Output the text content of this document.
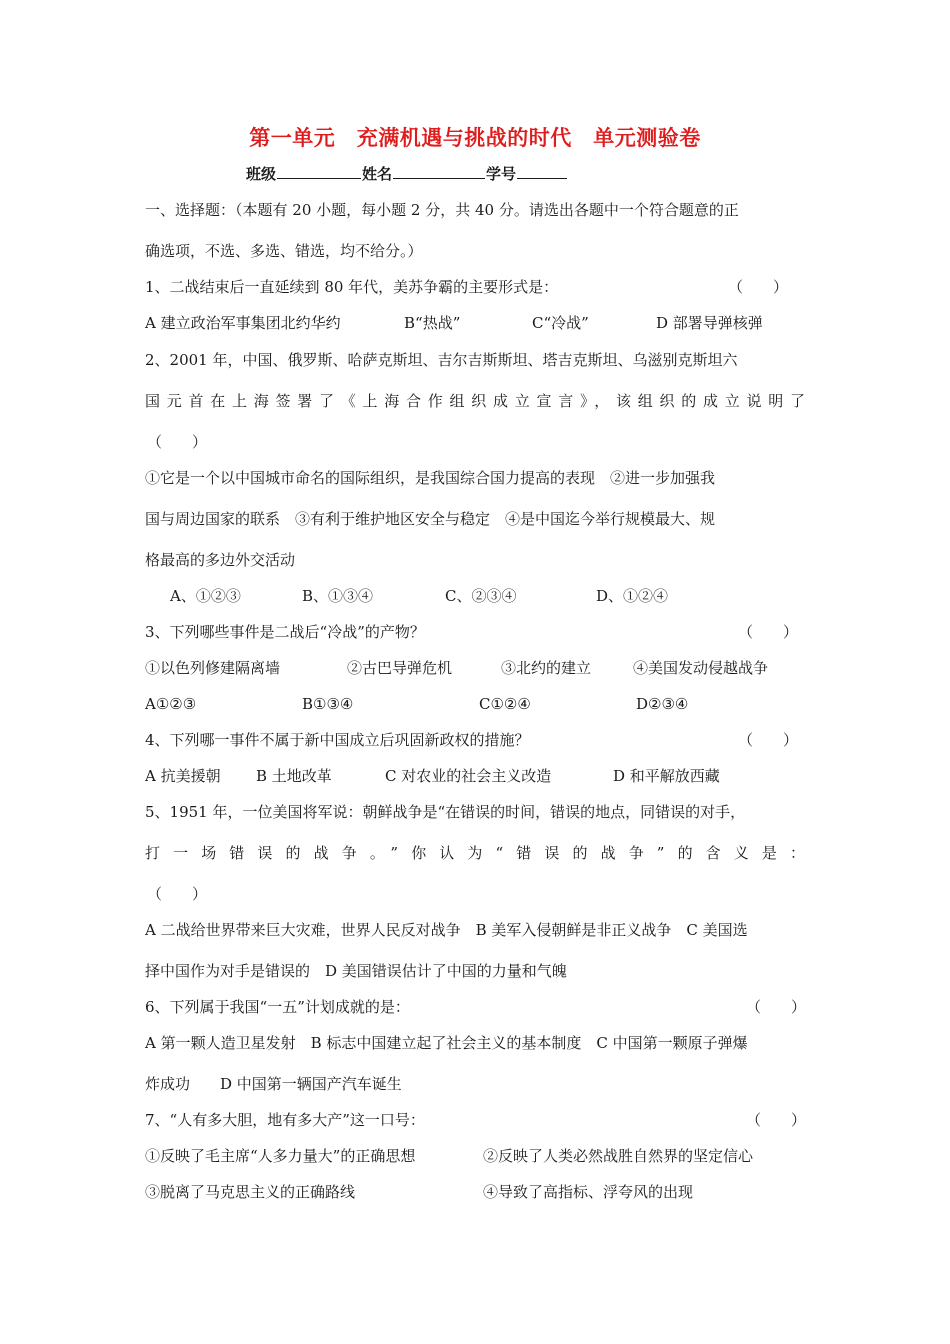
第一单元　充满机遇与挑战的时代　单元测验卷
班级	姓名	学号
一、选择题：（本题有 20 小题，每小题 2 分，共 40 分。请选出各题中一个符合题意的正
确选项，不选、多选、错选，均不给分。）
1、二战结束后一直延续到 80 年代，美苏争霸的主要形式是：	（　　）
A 建立政治军事集团北约华约	B“热战”	C“冷战”	D 部署导弹核弹
2、2001 年，中国、俄罗斯、哈萨克斯坦、吉尔吉斯斯坦、塔吉克斯坦、乌滋别克斯坦六
国元首在上海签署了《上海合作组织成立宣言》，该组织的成立说明了
（　　）
①它是一个以中国城市命名的国际组织，是我国综合国力提高的表现　②进一步加强我
国与周边国家的联系　③有利于维护地区安全与稳定　④是中国迄今举行规模最大、规
格最高的多边外交活动
A、①②③	B、①③④	C、②③④	D、①②④
3、下列哪些事件是二战后“冷战”的产物？	（　　）
①以色列修建隔离墙	②古巴导弹危机	③北约的建立	④美国发动侵越战争
A①②③	B①③④	C①②④	D②③④
4、下列哪一事件不属于新中国成立后巩固新政权的措施？	（　　）
A 抗美援朝 B 土地改革	C 对农业的社会主义改造	D 和平解放西藏
5、1951 年，一位美国将军说：朝鲜战争是“在错误的时间，错误的地点，同错误的对手，
打一场错误的战争。”你认为“错误的战争”的含义是：
（　　）
A 二战给世界带来巨大灾难，世界人民反对战争　B 美军入侵朝鲜是非正义战争　C 美国选
择中国作为对手是错误的　D 美国错误估计了中国的力量和气魄
6、下列属于我国“一五”计划成就的是：	（　　）
A 第一颗人造卫星发射　B 标志中国建立起了社会主义的基本制度　C 中国第一颗原子弹爆
炸成功　　D 中国第一辆国产汽车诞生
7、“人有多大胆，地有多大产”这一口号：	（　　）
①反映了毛主席“人多力量大”的正确思想	②反映了人类必然战胜自然界的坚定信心
③脱离了马克思主义的正确路线	④导致了高指标、浮夸风的出现
